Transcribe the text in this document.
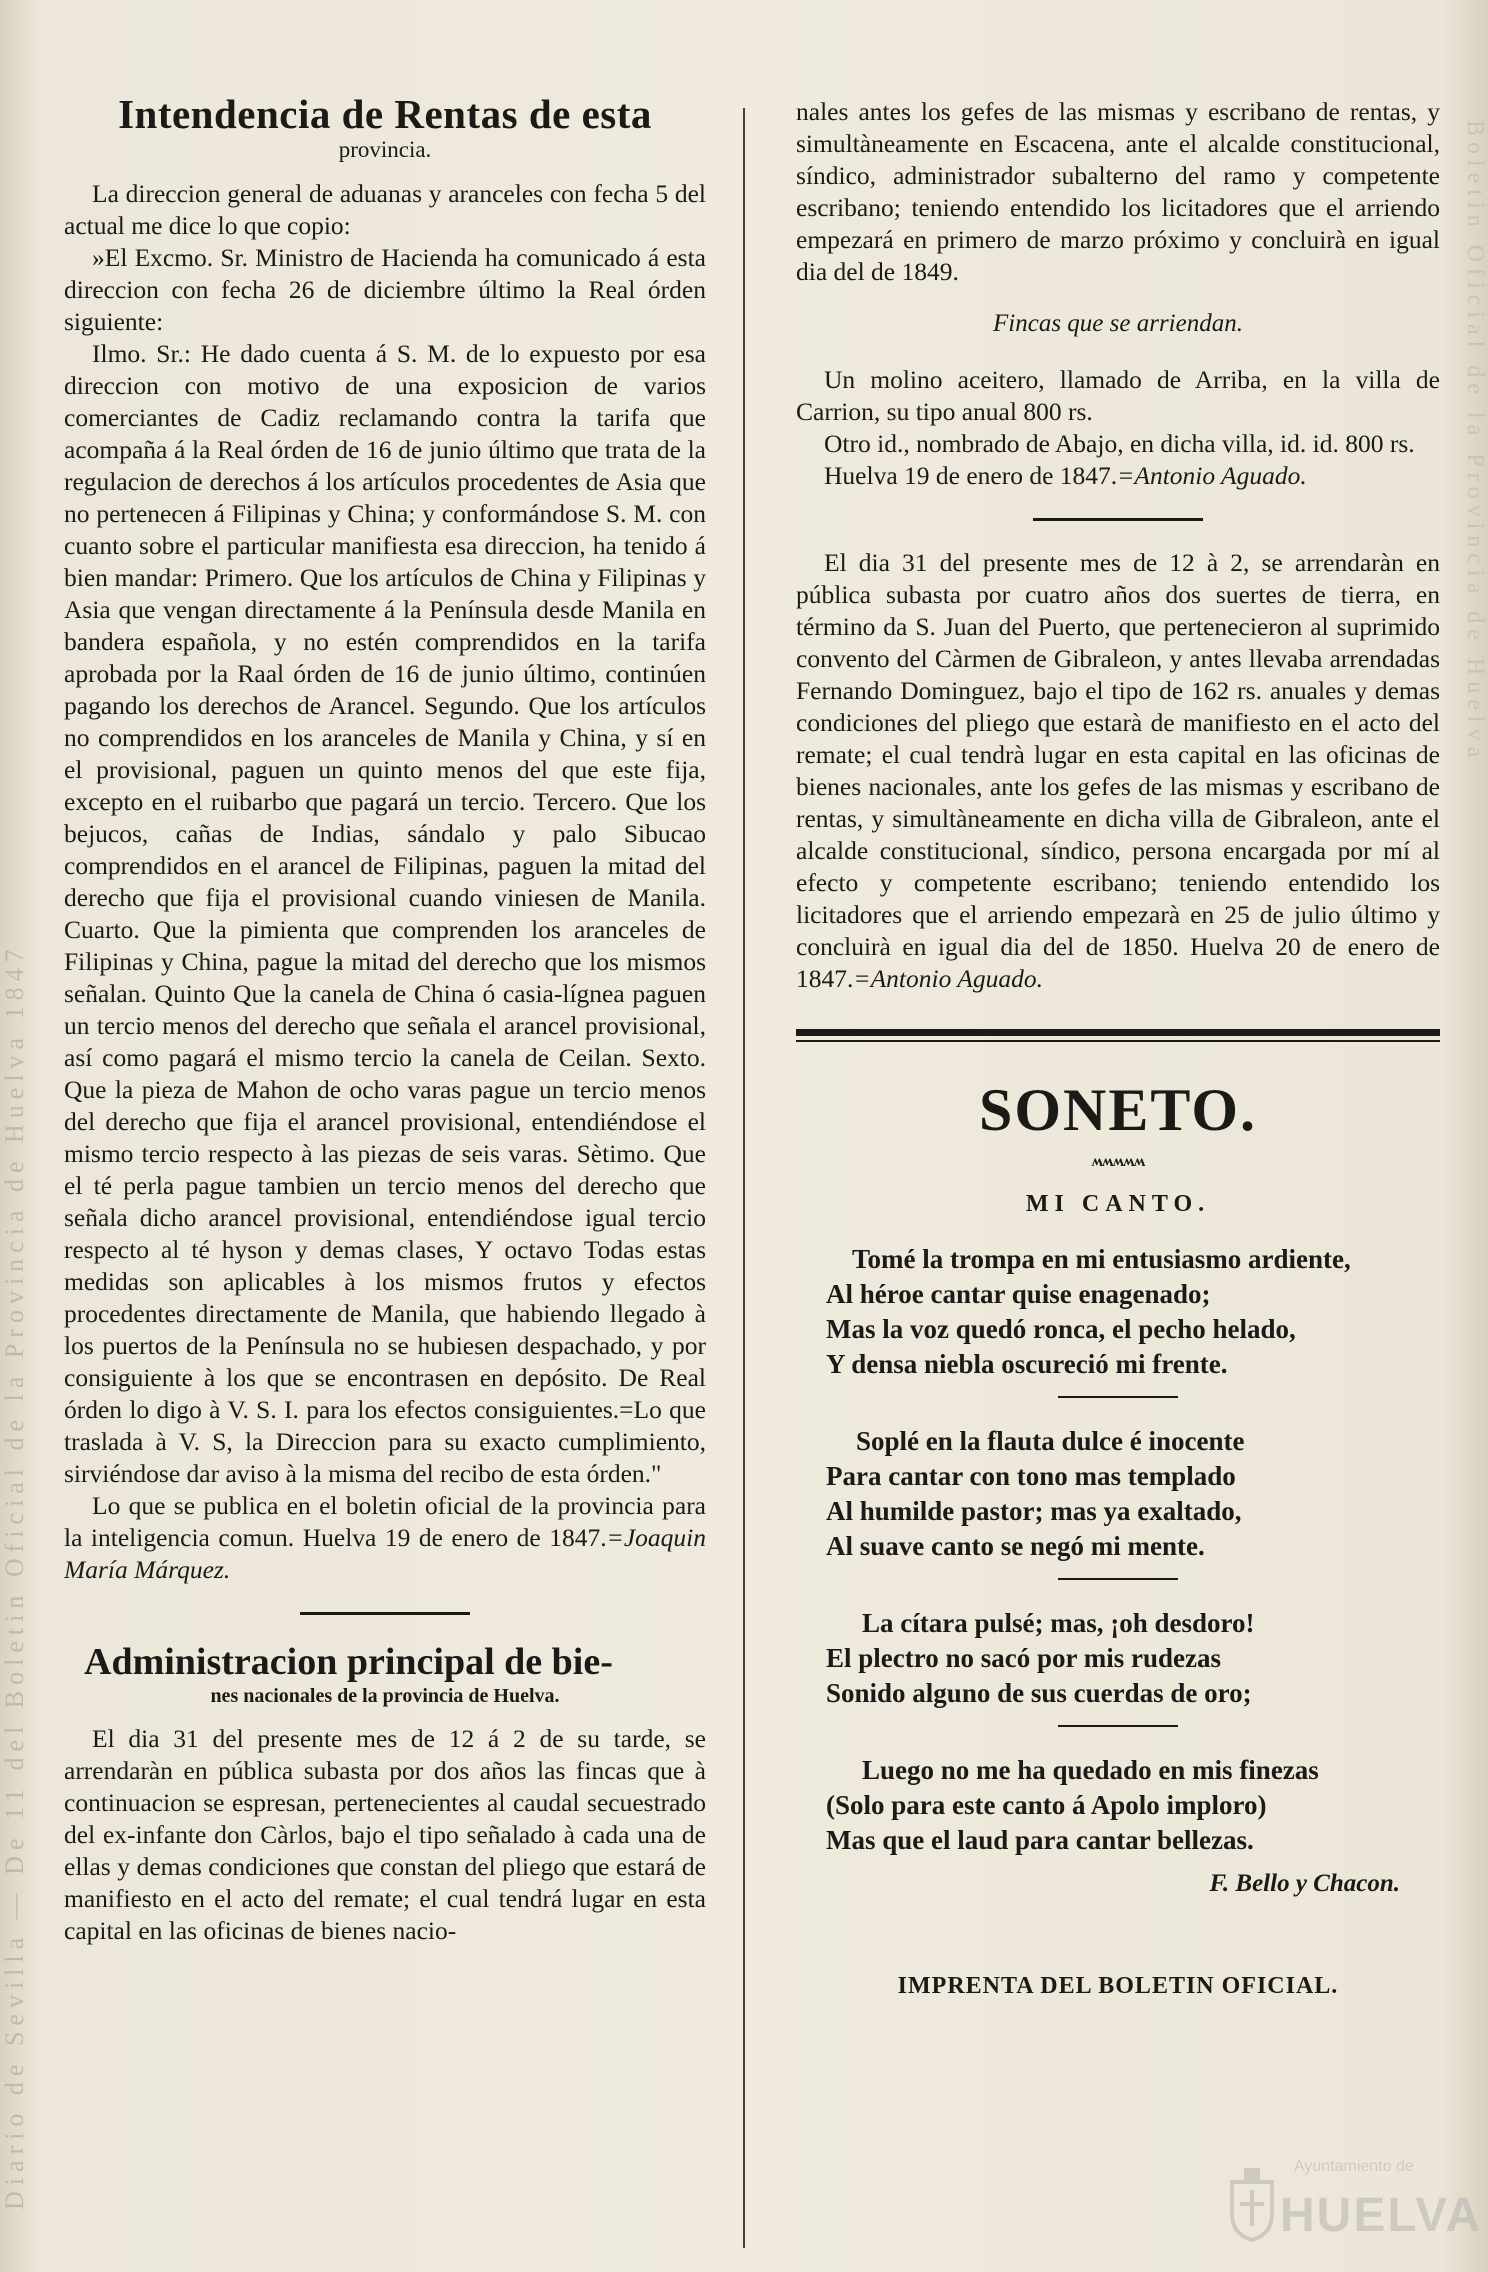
Diario de Sevilla — De 11 del Boletin Oficial de la Provincia de Huelva 1847
Boletin Oficial de la Provincia de Huelva
Intendencia de Rentas de esta
provincia.

La direccion general de aduanas y aranceles con fecha 5 del actual me dice lo que copio:

»El Excmo. Sr. Ministro de Hacienda ha comunicado á esta direccion con fecha 26 de diciembre último la Real órden siguiente:

Ilmo. Sr.: He dado cuenta á S. M. de lo expuesto por esa direccion con motivo de una exposicion de varios comerciantes de Cadiz reclamando contra la tarifa que acompaña á la Real órden de 16 de junio último que trata de la regulacion de derechos á los artículos procedentes de Asia que no pertenecen á Filipinas y China; y conformándose S. M. con cuanto sobre el particular manifiesta esa direccion, ha tenido á bien mandar: Primero. Que los artículos de China y Filipinas y Asia que vengan directamente á la Península desde Manila en bandera española, y no estén comprendidos en la tarifa aprobada por la Raal órden de 16 de junio último, continúen pagando los derechos de Arancel. Segundo. Que los artículos no comprendidos en los aranceles de Manila y China, y sí en el provisional, paguen un quinto menos del que este fija, excepto en el ruibarbo que pagará un tercio. Tercero. Que los bejucos, cañas de Indias, sándalo y palo Sibucao comprendidos en el arancel de Filipinas, paguen la mitad del derecho que fija el provisional cuando viniesen de Manila. Cuarto. Que la pimienta que comprenden los aranceles de Filipinas y China, pague la mitad del derecho que los mismos señalan. Quinto Que la canela de China ó casia-lígnea paguen un tercio menos del derecho que señala el arancel provisional, así como pagará el mismo tercio la canela de Ceilan. Sexto. Que la pieza de Mahon de ocho varas pague un tercio menos del derecho que fija el arancel provisional, entendiéndose el mismo tercio respecto à las piezas de seis varas. Sètimo. Que el té perla pague tambien un tercio menos del derecho que señala dicho arancel provisional, entendiéndose igual tercio respecto al té hyson y demas clases, Y octavo Todas estas medidas son aplicables à los mismos frutos y efectos procedentes directamente de Manila, que habiendo llegado à los puertos de la Península no se hubiesen despachado, y por consiguiente à los que se encontrasen en depósito. De Real órden lo digo à V. S. I. para los efectos consiguientes.=Lo que traslada à V. S, la Direccion para su exacto cumplimiento, sirviéndose dar aviso à la misma del recibo de esta órden."

Lo que se publica en el boletin oficial de la provincia para la inteligencia comun. Huelva 19 de enero de 1847.=Joaquin María Márquez.

Administracion principal de bie-
nes nacionales de la provincia de Huelva.

El dia 31 del presente mes de 12 á 2 de su tarde, se arrendaràn en pública subasta por dos años las fincas que à continuacion se espresan, pertenecientes al caudal secuestrado del ex-infante don Càrlos, bajo el tipo señalado à cada una de ellas y demas condiciones que constan del pliego que estará de manifiesto en el acto del remate; el cual tendrá lugar en esta capital en las oficinas de bienes nacio-

nales antes los gefes de las mismas y escribano de rentas, y simultàneamente en Escacena, ante el alcalde constitucional, síndico, administrador subalterno del ramo y competente escribano; teniendo entendido los licitadores que el arriendo empezará en primero de marzo próximo y concluirà en igual dia del de 1849.

Fincas que se arriendan.

Un molino aceitero, llamado de Arriba, en la villa de Carrion, su tipo anual 800 rs.

Otro id., nombrado de Abajo, en dicha villa, id. id. 800 rs.

Huelva 19 de enero de 1847.=Antonio Aguado.

El dia 31 del presente mes de 12 à 2, se arrendaràn en pública subasta por cuatro años dos suertes de tierra, en término da S. Juan del Puerto, que pertenecieron al suprimido convento del Càrmen de Gibraleon, y antes llevaba arrendadas Fernando Dominguez, bajo el tipo de 162 rs. anuales y demas condiciones del pliego que estarà de manifiesto en el acto del remate; el cual tendrà lugar en esta capital en las oficinas de bienes nacionales, ante los gefes de las mismas y escribano de rentas, y simultàneamente en dicha villa de Gibraleon, ante el alcalde constitucional, síndico, persona encargada por mí al efecto y competente escribano; teniendo entendido los licitadores que el arriendo empezarà en 25 de julio último y concluirà en igual dia del de 1850. Huelva 20 de enero de 1847.=Antonio Aguado.

SONETO.
ʍʍʍʍʍ
MI CANTO.
Tomé la trompa en mi entusiasmo ardiente,
Al héroe cantar quise enagenado;
Mas la voz quedó ronca, el pecho helado,
Y densa niebla oscureció mi frente.
Soplé en la flauta dulce é inocente
Para cantar con tono mas templado
Al humilde pastor; mas ya exaltado,
Al suave canto se negó mi mente.
La cítara pulsé; mas, ¡oh desdoro!
El plectro no sacó por mis rudezas
Sonido alguno de sus cuerdas de oro;
Luego no me ha quedado en mis finezas
(Solo para este canto á Apolo imploro)
Mas que el laud para cantar bellezas.
F. Bello y Chacon.
IMPRENTA DEL BOLETIN OFICIAL.
Ayuntamiento de
HUELVA
